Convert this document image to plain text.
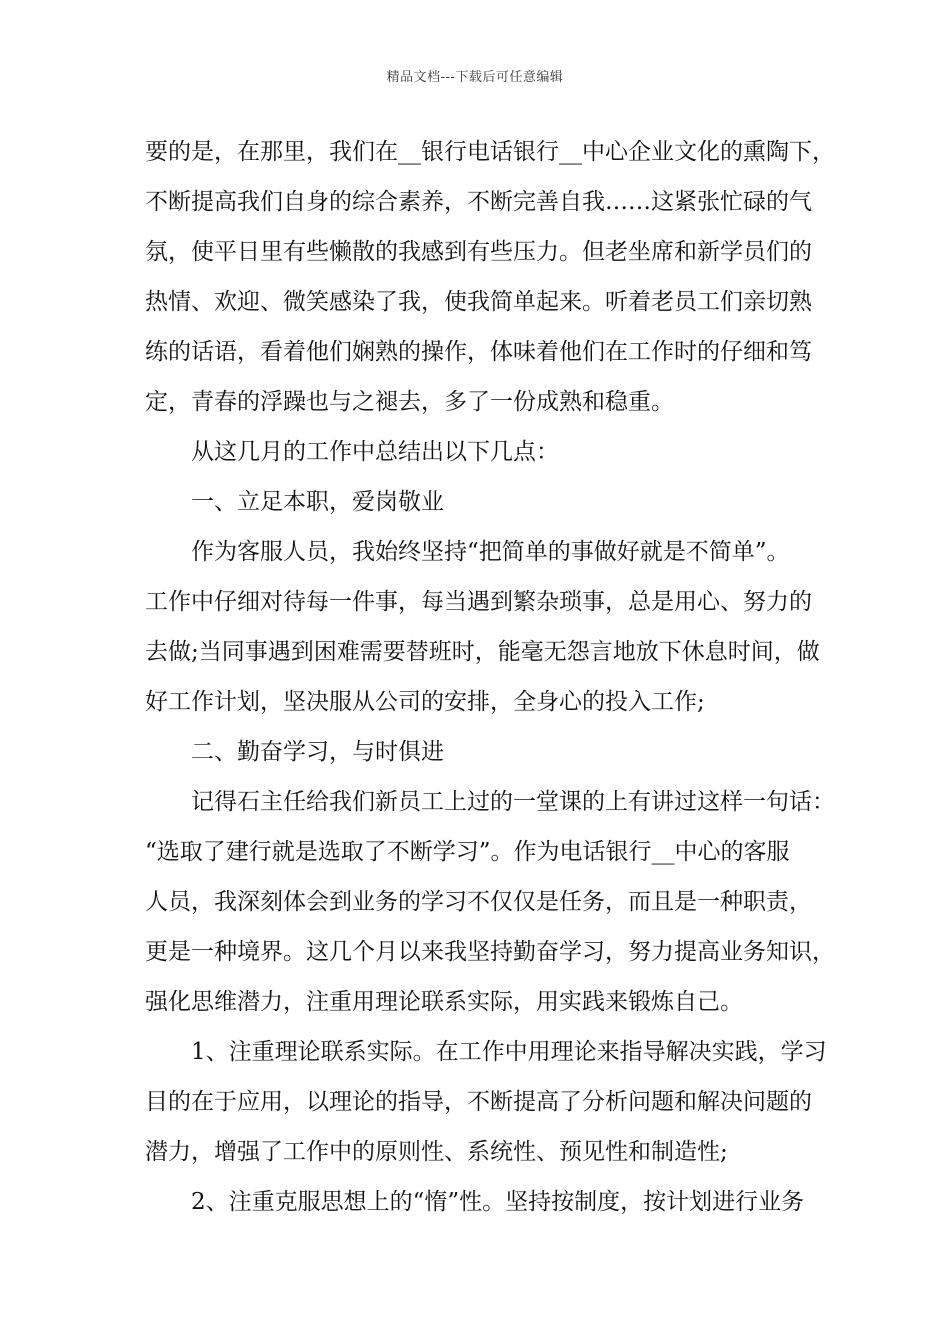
精品文档---下载后可任意编辑
要的是，在那里，我们在__银行电话银行__中心企业文化的熏陶下，
不断提高我们自身的综合素养，不断完善自我……这紧张忙碌的气
氛，使平日里有些懒散的我感到有些压力。但老坐席和新学员们的
热情、欢迎、微笑感染了我，使我简单起来。听着老员工们亲切熟
练的话语，看着他们娴熟的操作，体味着他们在工作时的仔细和笃
定，青春的浮躁也与之褪去，多了一份成熟和稳重。
从这几月的工作中总结出以下几点：
一、立足本职，爱岗敬业
作为客服人员，我始终坚持“把简单的事做好就是不简单”。
工作中仔细对待每一件事，每当遇到繁杂琐事，总是用心、努力的
去做;当同事遇到困难需要替班时，能毫无怨言地放下休息时间，做
好工作计划，坚决服从公司的安排，全身心的投入工作;
二、勤奋学习，与时俱进
记得石主任给我们新员工上过的一堂课的上有讲过这样一句话：
“选取了建行就是选取了不断学习”。作为电话银行__中心的客服
人员，我深刻体会到业务的学习不仅仅是任务，而且是一种职责，
更是一种境界。这几个月以来我坚持勤奋学习，努力提高业务知识，
强化思维潜力，注重用理论联系实际，用实践来锻炼自己。
1、注重理论联系实际。在工作中用理论来指导解决实践，学习
目的在于应用，以理论的指导，不断提高了分析问题和解决问题的
潜力，增强了工作中的原则性、系统性、预见性和制造性;
2、注重克服思想上的“惰”性。坚持按制度，按计划进行业务
